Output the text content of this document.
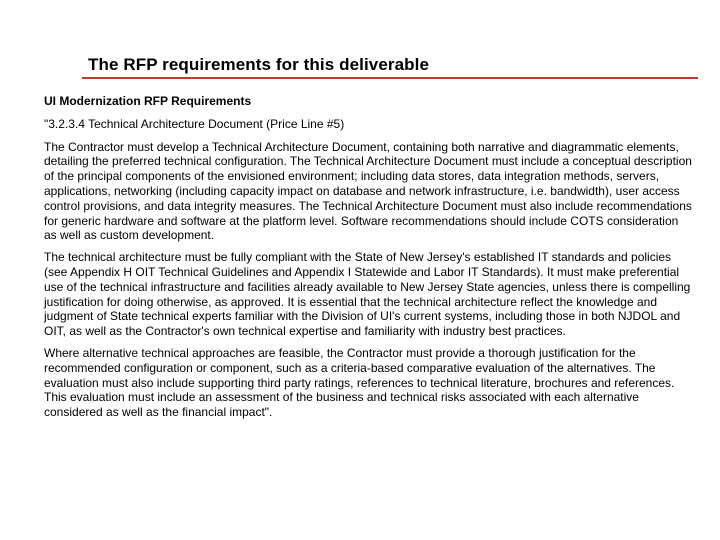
The RFP requirements for this deliverable

UI Modernization RFP Requirements

"3.2.3.4 Technical Architecture Document (Price Line #5)

The Contractor must develop a Technical Architecture Document, containing both narrative and diagrammatic elements, detailing the preferred technical configuration. The Technical Architecture Document must include a conceptual description of the principal components of the envisioned environment; including data stores, data integration methods, servers, applications, networking (including capacity impact on database and network infrastructure, i.e. bandwidth), user access control provisions, and data integrity measures. The Technical Architecture Document must also include recommendations for generic hardware and software at the platform level. Software recommendations should include COTS consideration as well as custom development.

The technical architecture must be fully compliant with the State of New Jersey's established IT standards and policies (see Appendix H OIT Technical Guidelines and Appendix I Statewide and Labor IT Standards). It must make preferential use of the technical infrastructure and facilities already available to New Jersey State agencies, unless there is compelling justification for doing otherwise, as approved. It is essential that the technical architecture reflect the knowledge and judgment of State technical experts familiar with the Division of UI's current systems, including those in both NJDOL and OIT, as well as the Contractor's own technical expertise and familiarity with industry best practices.

Where alternative technical approaches are feasible, the Contractor must provide a thorough justification for the recommended configuration or component, such as a criteria-based comparative evaluation of the alternatives. The evaluation must also include supporting third party ratings, references to technical literature, brochures and references. This evaluation must include an assessment of the business and technical risks associated with each alternative considered as well as the financial impact".
